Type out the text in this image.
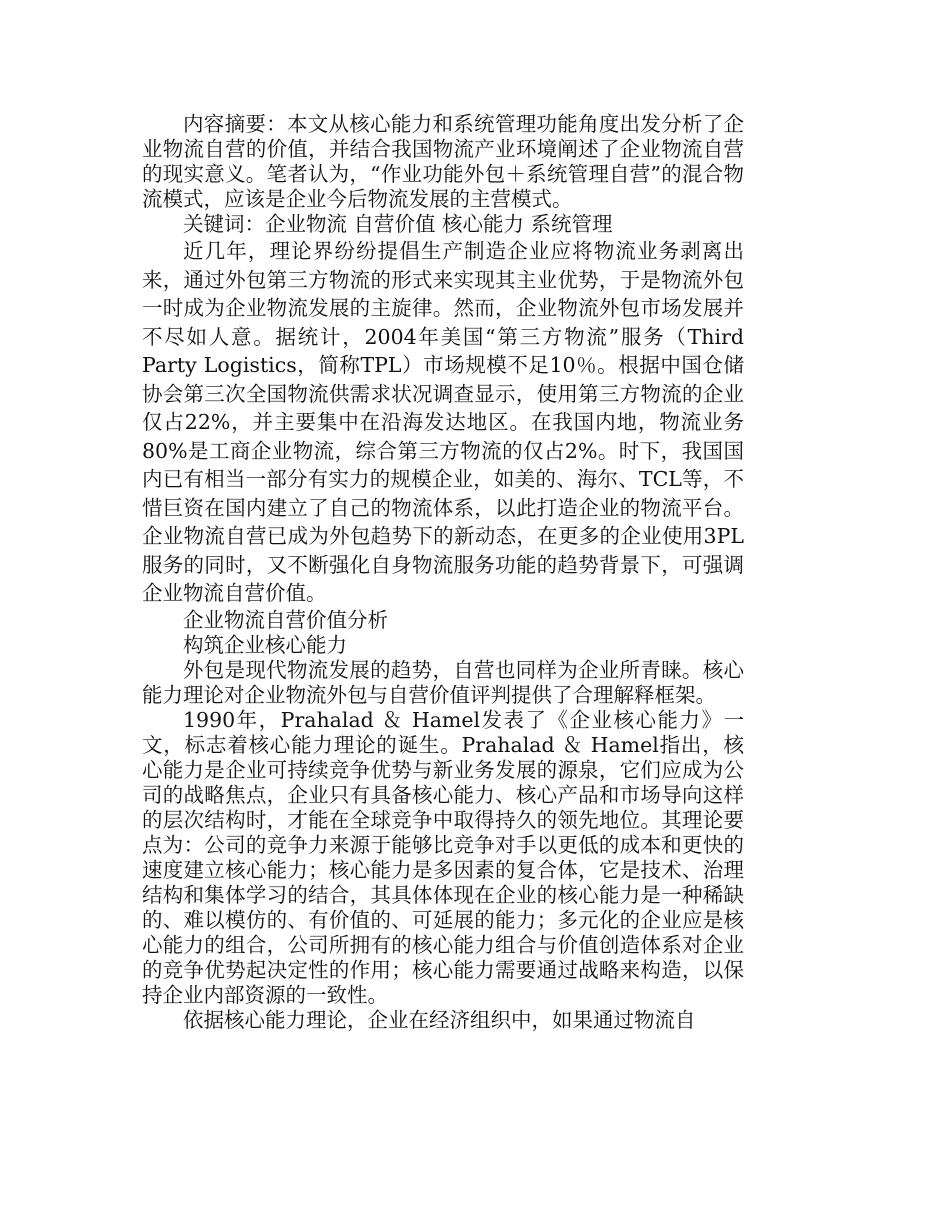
内容摘要：本文从核心能力和系统管理功能角度出发分析了企业物流自营的价值，并结合我国物流产业环境阐述了企业物流自营的现实意义。笔者认为，“作业功能外包＋系统管理自营”的混合物流模式，应该是企业今后物流发展的主营模式。

关键词：企业物流 自营价值 核心能力 系统管理

近几年，理论界纷纷提倡生产制造企业应将物流业务剥离出来，通过外包第三方物流的形式来实现其主业优势，于是物流外包一时成为企业物流发展的主旋律。然而，企业物流外包市场发展并不尽如人意。据统计，2004年美国“第三方物流”服务（Third Party Logistics，简称TPL）市场规模不足10％。根据中国仓储协会第三次全国物流供需求状况调查显示，使用第三方物流的企业仅占22%，并主要集中在沿海发达地区。在我国内地，物流业务80%是工商企业物流，综合第三方物流的仅占2%。时下，我国国内已有相当一部分有实力的规模企业，如美的、海尔、TCL等，不惜巨资在国内建立了自己的物流体系，以此打造企业的物流平台。企业物流自营已成为外包趋势下的新动态，在更多的企业使用3PL服务的同时，又不断强化自身物流服务功能的趋势背景下，可强调企业物流自营价值。

企业物流自营价值分析

构筑企业核心能力

外包是现代物流发展的趋势，自营也同样为企业所青睐。核心能力理论对企业物流外包与自营价值评判提供了合理解释框架。

1990年，Prahalad ＆ Hamel发表了《企业核心能力》一文，标志着核心能力理论的诞生。Prahalad ＆ Hamel指出，核心能力是企业可持续竞争优势与新业务发展的源泉，它们应成为公司的战略焦点，企业只有具备核心能力、核心产品和市场导向这样的层次结构时，才能在全球竞争中取得持久的领先地位。其理论要点为：公司的竞争力来源于能够比竞争对手以更低的成本和更快的速度建立核心能力；核心能力是多因素的复合体，它是技术、治理结构和集体学习的结合，其具体体现在企业的核心能力是一种稀缺的、难以模仿的、有价值的、可延展的能力；多元化的企业应是核心能力的组合，公司所拥有的核心能力组合与价值创造体系对企业的竞争优势起决定性的作用；核心能力需要通过战略来构造，以保持企业内部资源的一致性。

依据核心能力理论，企业在经济组织中，如果通过物流自
